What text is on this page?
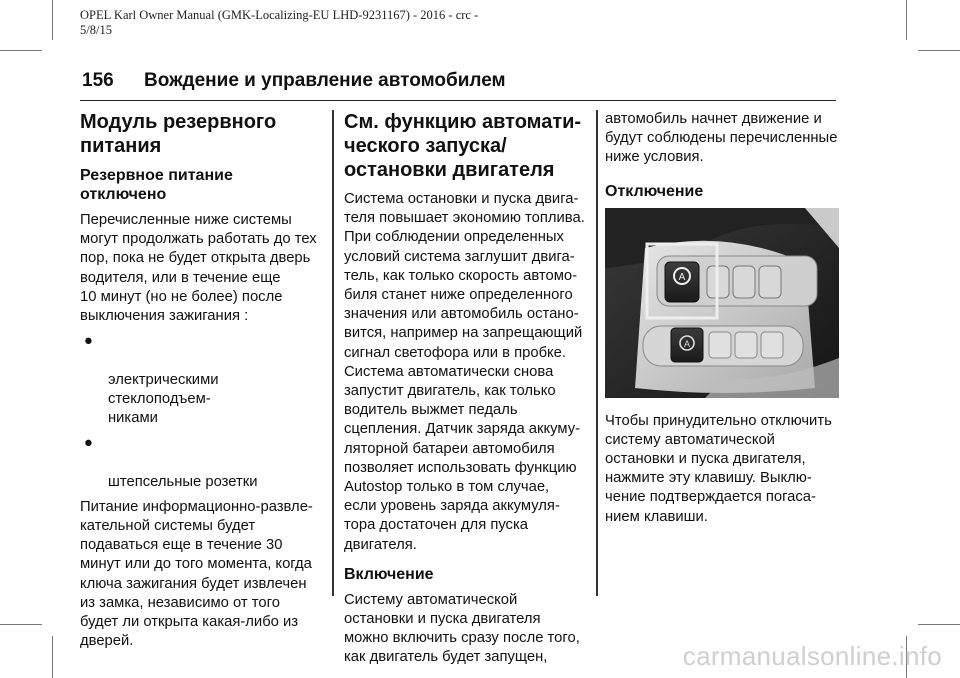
OPEL Karl Owner Manual (GMK-Localizing-EU LHD-9231167) - 2016 - crc -
5/8/15
156 Вождение и управление автомобилем
Модуль резервного
питания
Резервное питание
отключено

Перечисленные ниже системы
могут продолжать работать до тех
пор, пока не будет открыта дверь
водителя, или в течение еще
10 минут (но не более) после
выключения зажигания :

●

электрическими стеклоподъем-
никами

●

штепсельные розетки

Питание информационно-развле-
кательной системы будет
подаваться еще в течение 30
минут или до того момента, когда
ключа зажигания будет извлечен
из замка, независимо от того
будет ли открыта какая-либо из
дверей.

См. функцию автомати-
ческого запуска/
остановки двигателя

Система остановки и пуска двига-
теля повышает экономию топлива.
При соблюдении определенных
условий система заглушит двига-
тель, как только скорость автомо-
биля станет ниже определенного
значения или автомобиль остано-
вится, например на запрещающий
сигнал светофора или в пробке.
Система автоматически снова
запустит двигатель, как только
водитель выжмет педаль
сцепления. Датчик заряда аккуму-
ляторной батареи автомобиля
позволяет использовать функцию
Autostop только в том случае,
если уровень заряда аккумуля-
тора достаточен для пуска
двигателя.

Включение

Систему автоматической
остановки и пуска двигателя
можно включить сразу после того,
как двигатель будет запущен,

автомобиль начнет движение и
будут соблюдены перечисленные
ниже условия.

Отключение
A
A

Чтобы принудительно отключить
систему автоматической
остановки и пуска двигателя,
нажмите эту клавишу. Выклю-
чение подтверждается погаса-
нием клавиши.

carmanualsonline.info
